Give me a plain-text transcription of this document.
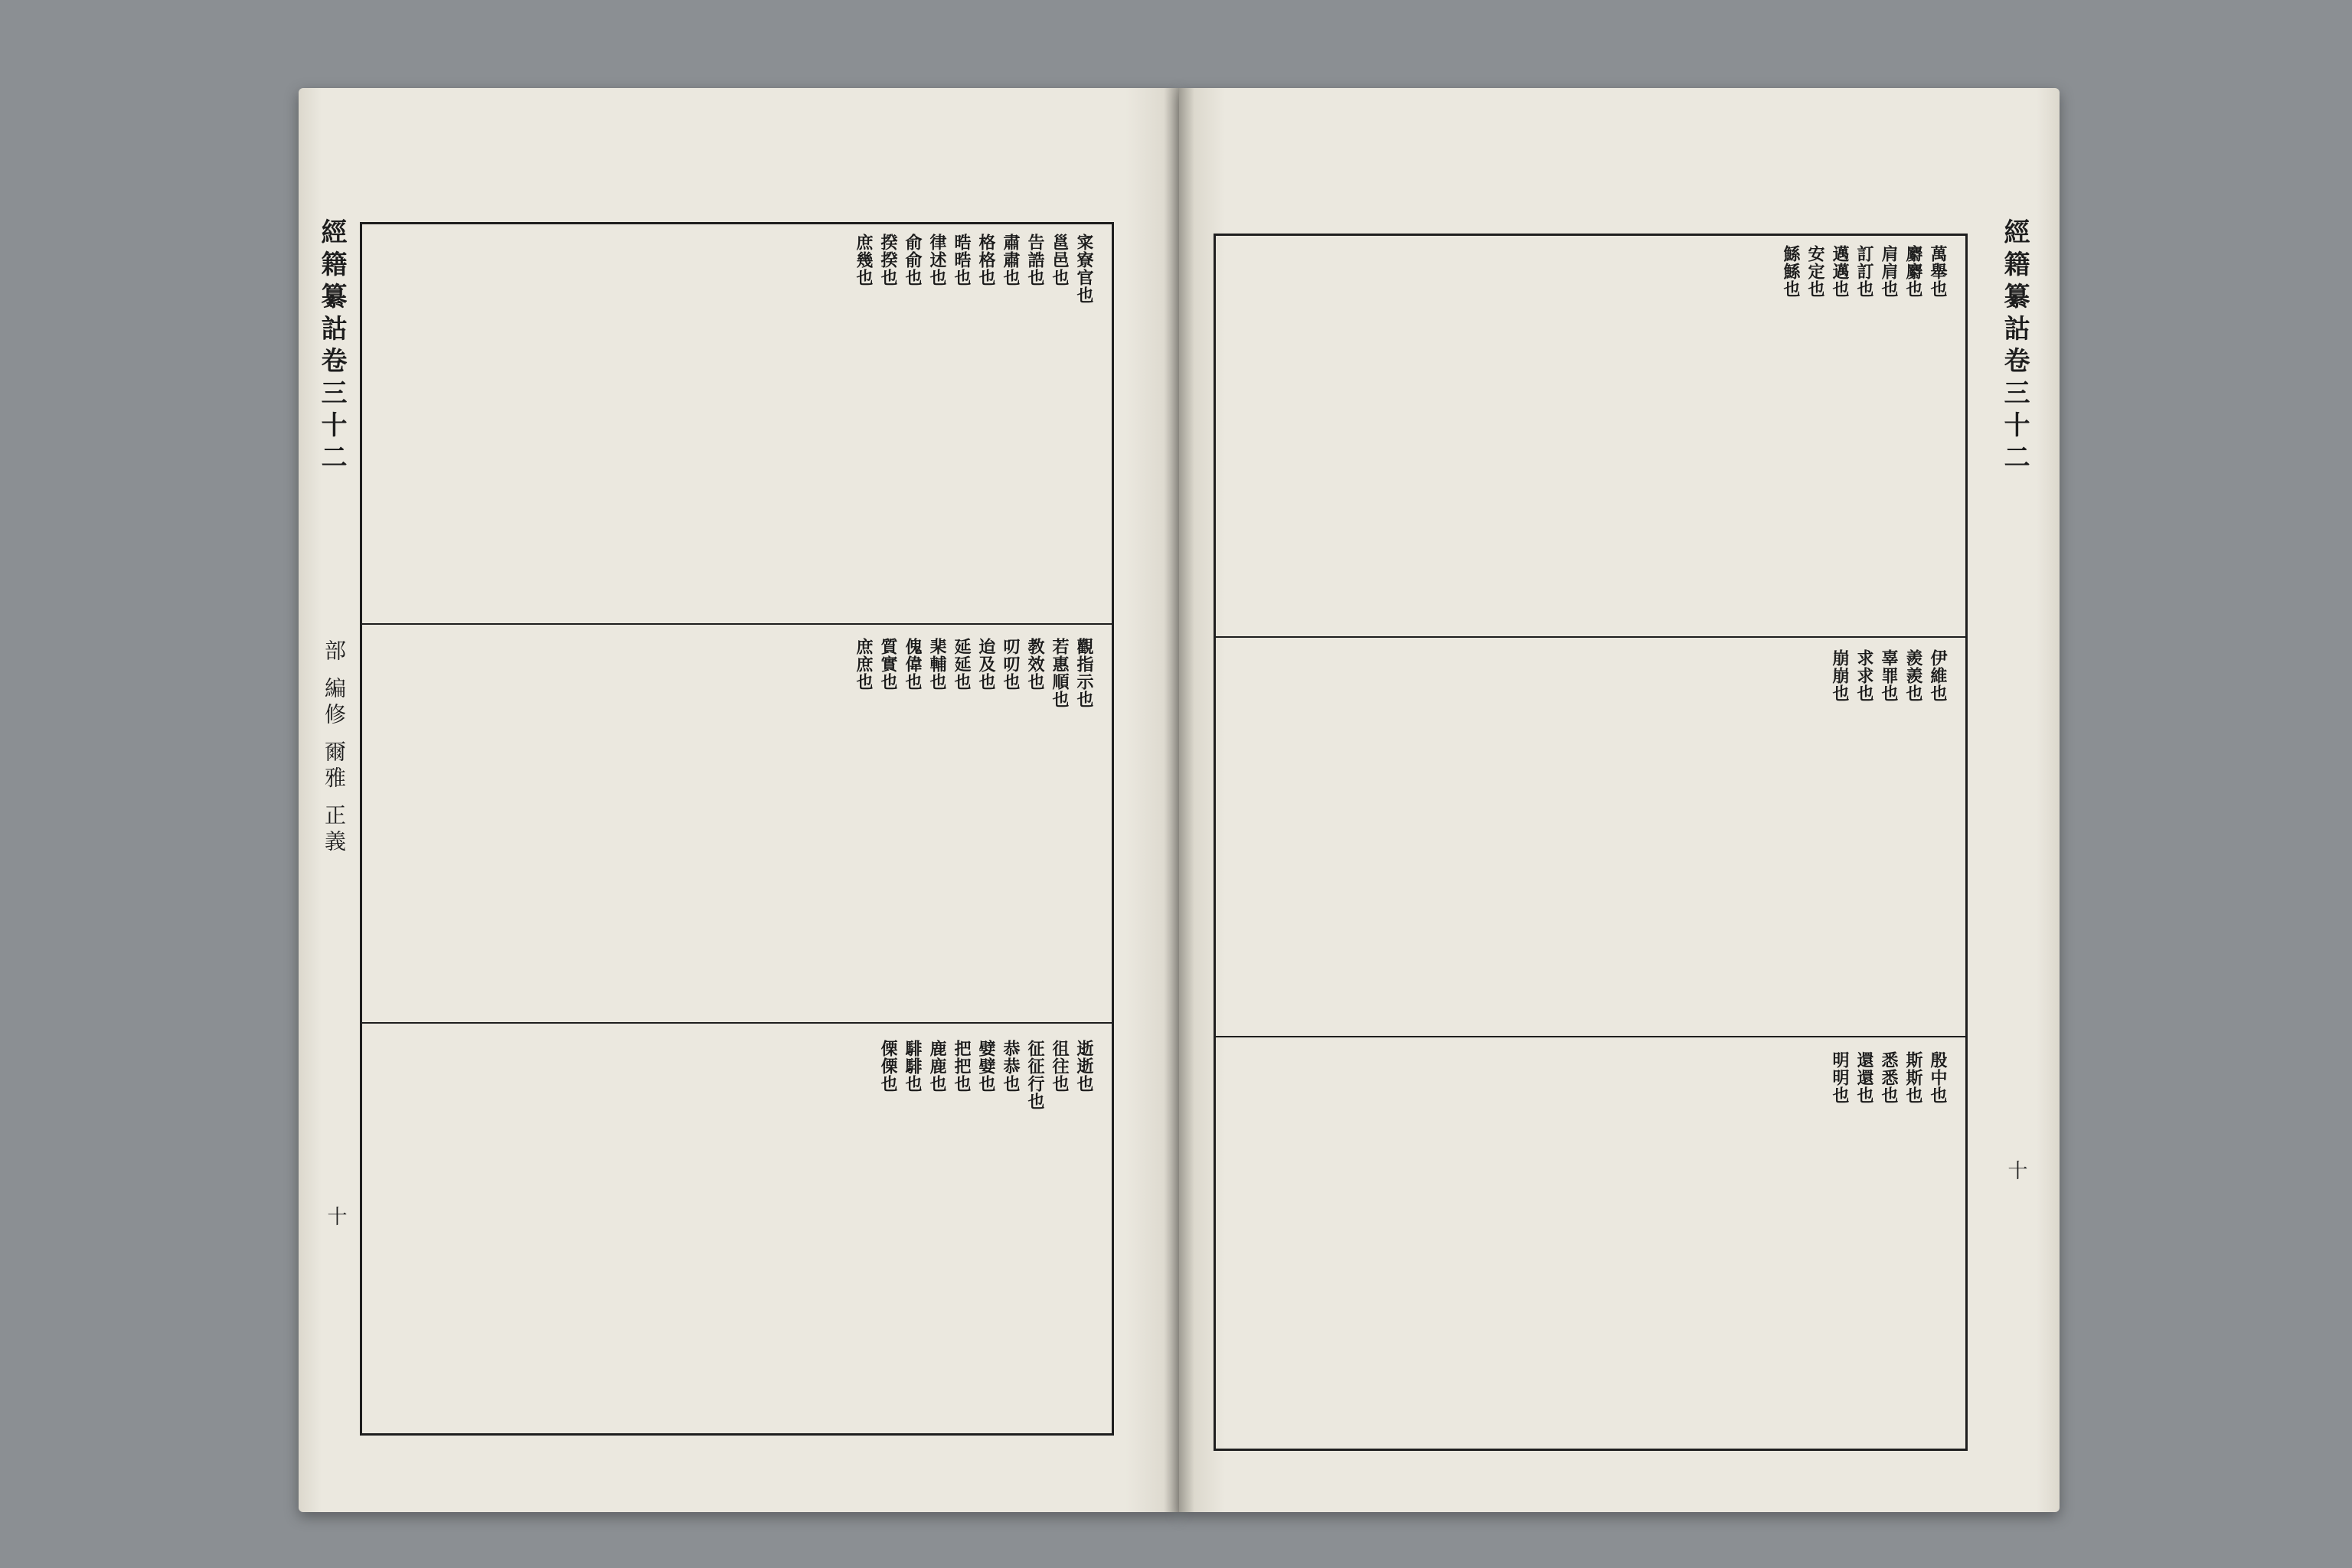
寀寮官也
邕邑也
告誥也
肅肅也
格格也
晧晧也
律述也
俞俞也
揆揆也
庶幾也
觀指示也
若惠順也
教效也
叨叨也
迨及也
延延也
棐輔也
傀偉也
質實也
庶庶也
逝逝也
徂往也
征征行也
恭恭也
嬖嬖也
把把也
鹿鹿也
騑騑也
傈傈也
經籍纂詁卷三十二
部 編修 爾雅 正義
十
萬舉也
麝麝也
肩肩也
訂訂也
邁邁也
安定也
鯀鯀也
伊維也
羨羨也
辜罪也
求求也
崩崩也
殷中也
斯斯也
悉悉也
還還也
明明也
經籍纂詁卷三十二
十
